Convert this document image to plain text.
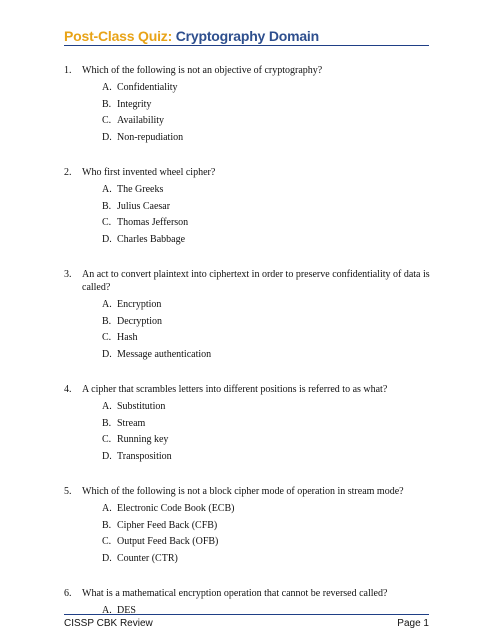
Post-Class Quiz: Cryptography Domain
1.	Which of the following is not an objective of cryptography?
A. Confidentiality
B. Integrity
C. Availability
D. Non-repudiation
2.	Who first invented wheel cipher?
A. The Greeks
B. Julius Caesar
C. Thomas Jefferson
D. Charles Babbage
3.	An act to convert plaintext into ciphertext in order to preserve confidentiality of data is called?
A. Encryption
B. Decryption
C. Hash
D. Message authentication
4.	A cipher that scrambles letters into different positions is referred to as what?
A. Substitution
B. Stream
C. Running key
D. Transposition
5.	Which of the following is not a block cipher mode of operation in stream mode?
A. Electronic Code Book (ECB)
B. Cipher Feed Back (CFB)
C. Output Feed Back (OFB)
D. Counter (CTR)
6.	What is a mathematical encryption operation that cannot be reversed called?
A. DES
CISSP CBK Review	Page 1
